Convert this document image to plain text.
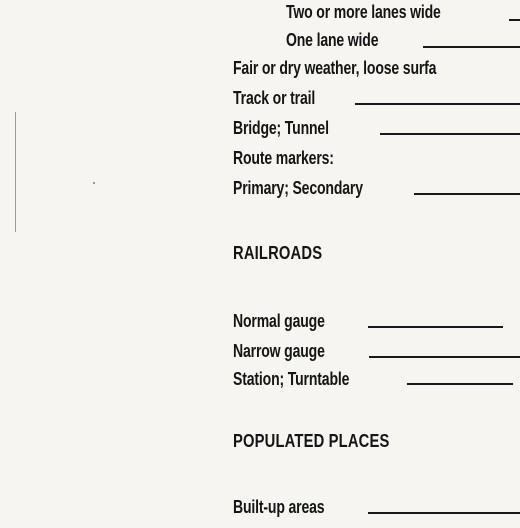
Two or more lanes wide
One lane wide
Fair or dry weather, loose surfa
Track or trail
Bridge; Tunnel
Route markers:
Primary; Secondary
RAILROADS
Normal gauge
Narrow gauge
Station; Turntable
POPULATED PLACES
Built-up areas
